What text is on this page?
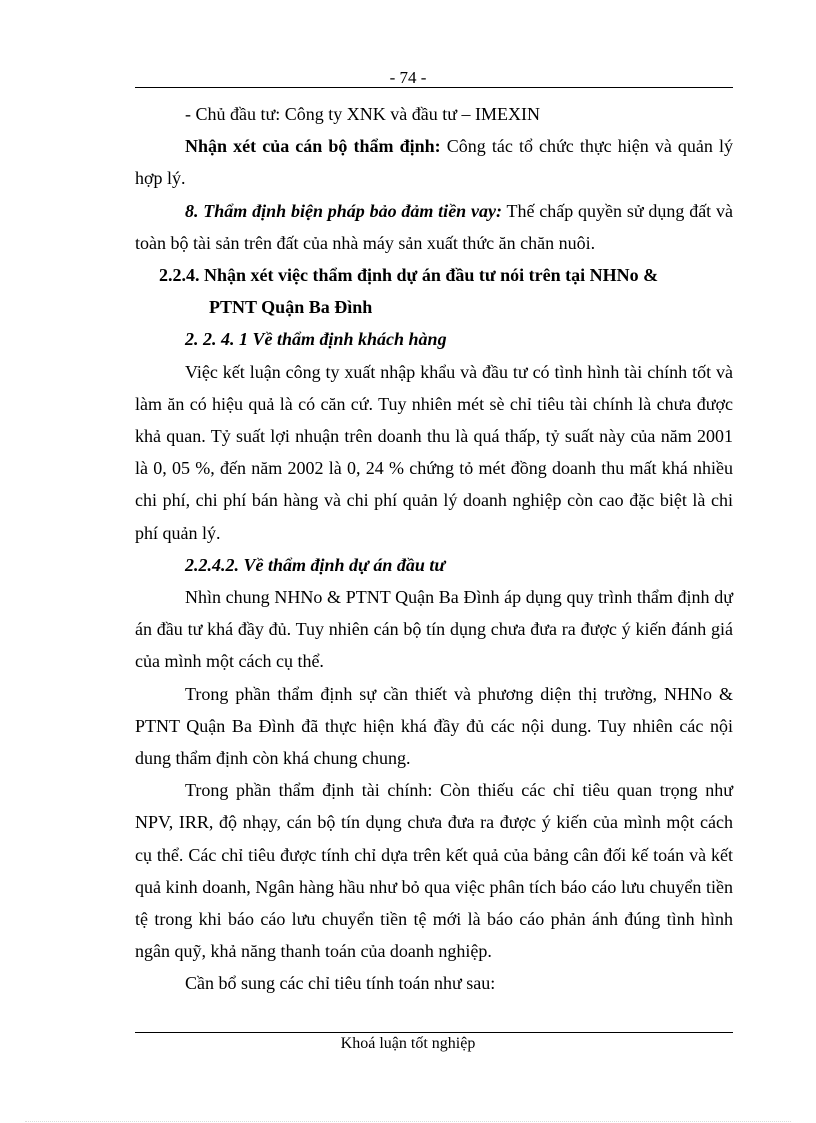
- 74 -

- Chủ đầu tư: Công ty XNK và đầu tư – IMEXIN

Nhận xét của cán bộ thẩm định: Công tác tổ chức thực hiện và quản lý hợp lý.

8. Thẩm định biện pháp bảo đảm tiền vay: Thế chấp quyền sử dụng đất và toàn bộ tài sản trên đất của nhà máy sản xuất thức ăn chăn nuôi.

2.2.4. Nhận xét việc thẩm định dự án đầu tư nói trên tại NHNo &
PTNT Quận Ba Đình

2. 2. 4. 1 Về thẩm định khách hàng

Việc kết luận công ty xuất nhập khẩu và đầu tư có tình hình tài chính tốt và làm ăn có hiệu quả là có căn cứ. Tuy nhiên mét sè chỉ tiêu tài chính là chưa được khả quan. Tỷ suất lợi nhuận trên doanh thu là quá thấp, tỷ suất này của năm 2001 là 0, 05 %, đến năm 2002 là 0, 24 % chứng tỏ mét đồng doanh thu mất khá nhiều chi phí, chi phí bán hàng và chi phí quản lý doanh nghiệp còn cao đặc biệt là chi phí quản lý.

2.2.4.2. Về thẩm định dự án đầu tư

Nhìn chung NHNo & PTNT Quận Ba Đình áp dụng quy trình thẩm định dự án đầu tư khá đầy đủ. Tuy nhiên cán bộ tín dụng chưa đưa ra được ý kiến đánh giá của mình một cách cụ thể.

Trong phần thẩm định sự cần thiết và phương diện thị trường, NHNo & PTNT Quận Ba Đình đã thực hiện khá đầy đủ các nội dung. Tuy nhiên các nội dung thẩm định còn khá chung chung.

Trong phần thẩm định tài chính: Còn thiếu các chỉ tiêu quan trọng như NPV, IRR, độ nhạy, cán bộ tín dụng chưa đưa ra được ý kiến của mình một cách cụ thể. Các chỉ tiêu được tính chỉ dựa trên kết quả của bảng cân đối kế toán và kết quả kinh doanh, Ngân hàng hầu như bỏ qua việc phân tích báo cáo lưu chuyển tiền tệ trong khi báo cáo lưu chuyển tiền tệ mới là báo cáo phản ánh đúng tình hình ngân quỹ, khả năng thanh toán của doanh nghiệp.

Cần bổ sung các chỉ tiêu tính toán như sau:

Khoá luận tốt nghiệp
